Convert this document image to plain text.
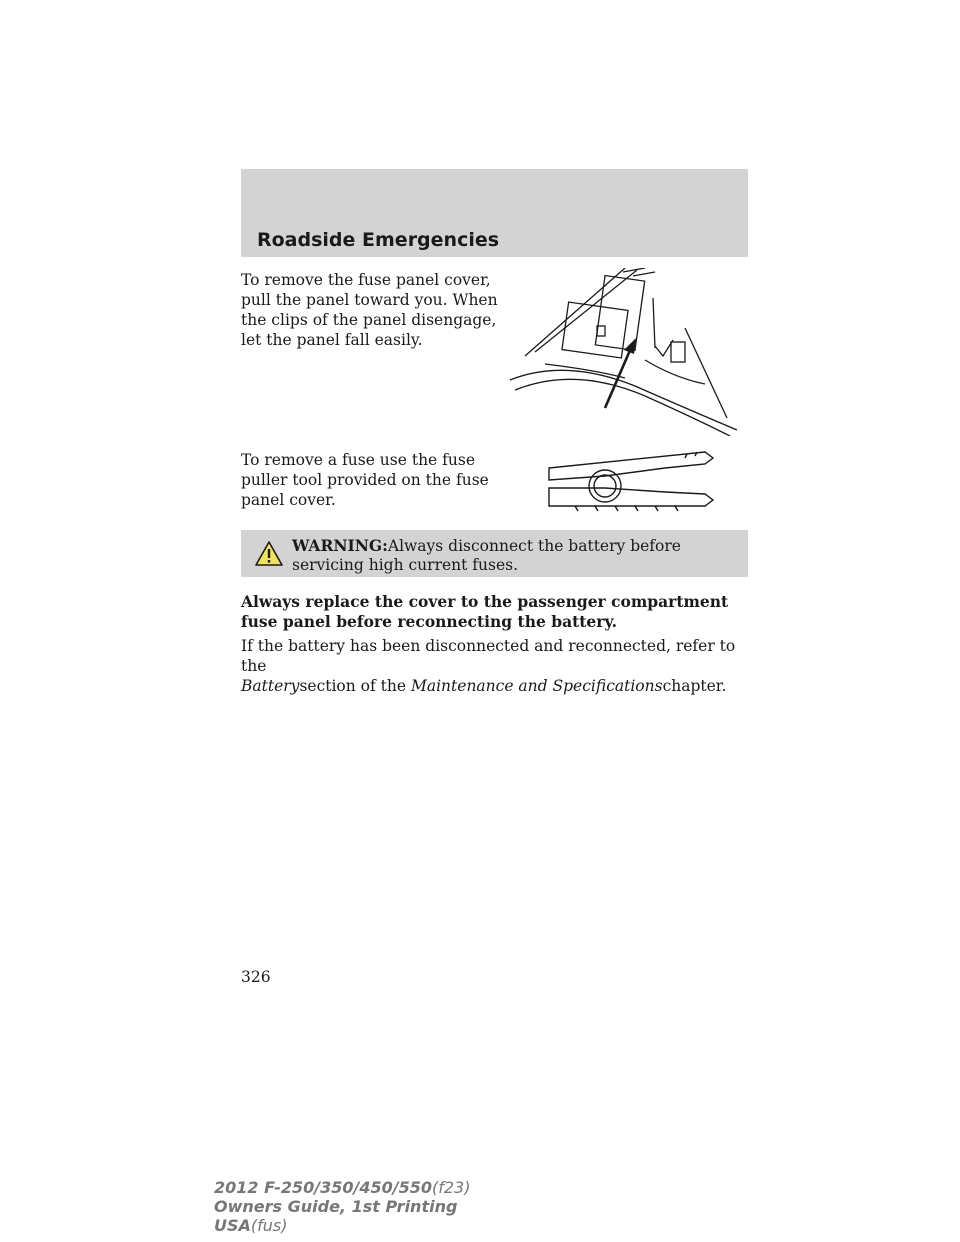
Roadside Emergencies

To remove the fuse panel cover, pull the panel toward you. When the clips of the panel disengage, let the panel fall easily.

To remove a fuse use the fuse puller tool provided on the fuse panel cover.

WARNING:Always disconnect the battery before servicing high current fuses.

Always replace the cover to the passenger compartment fuse panel before reconnecting the battery.

If the battery has been disconnected and reconnected, refer to the
Batterysection of the Maintenance and Specificationschapter.

326
2012 F-250/350/450/550(f23)
Owners Guide, 1st Printing
USA(fus)
